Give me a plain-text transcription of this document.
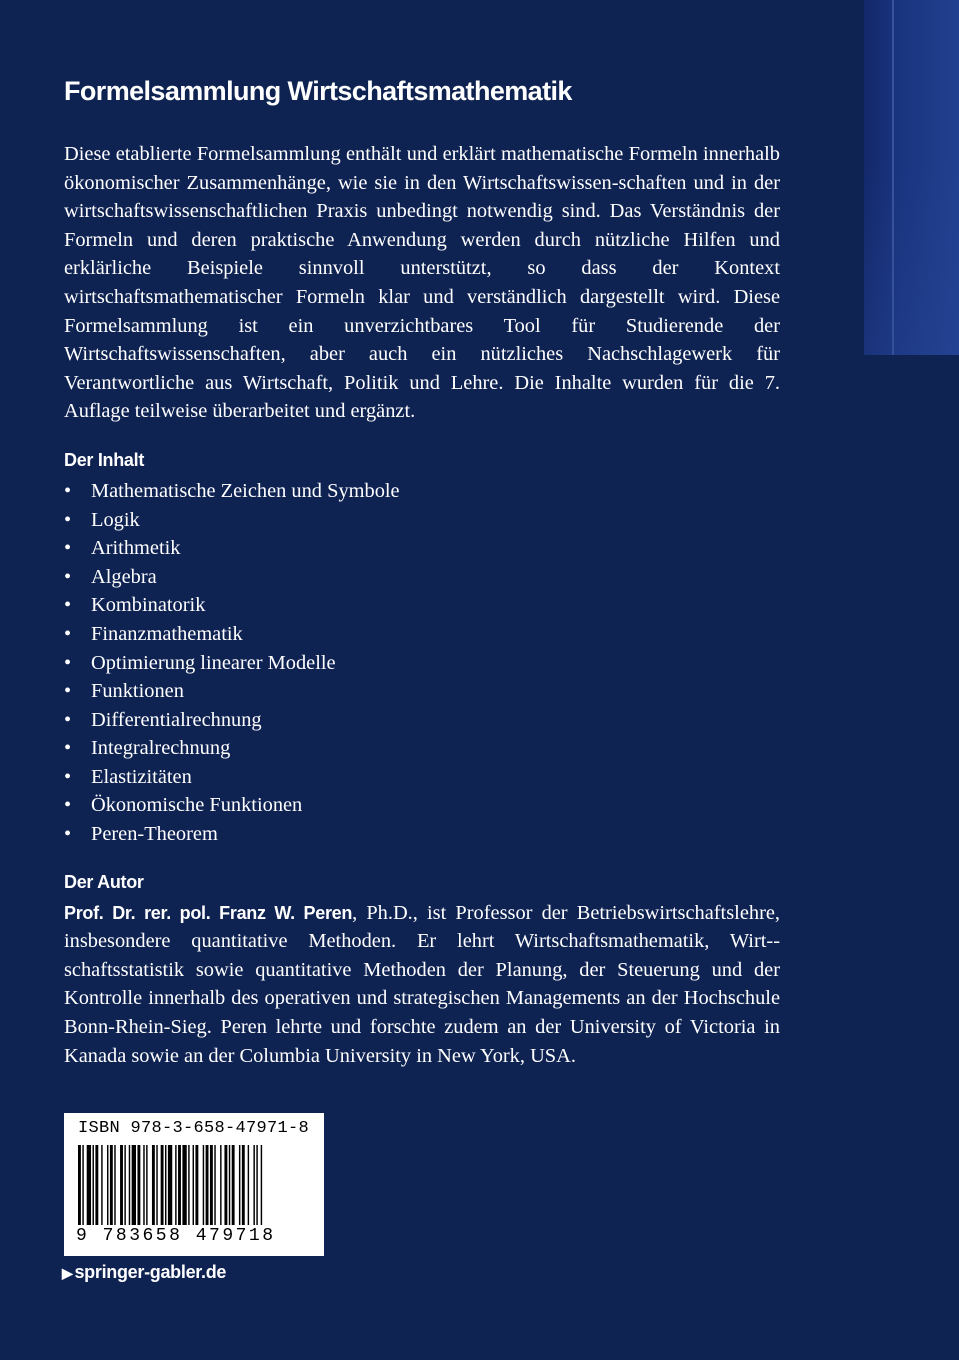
Formelsammlung Wirtschaftsmathematik

Diese etablierte Formelsammlung enthält und erklärt mathematische Formeln innerhalb ökonomischer Zusammenhänge, wie sie in den Wirtschaftswissen-schaften und in der wirtschaftswissenschaftlichen Praxis unbedingt notwendig sind. Das Verständnis der Formeln und deren praktische Anwendung werden durch nützliche Hilfen und erklärliche Beispiele sinnvoll unterstützt, so dass der Kontext wirtschaftsmathematischer Formeln klar und verständlich dargestellt wird. Diese Formelsammlung ist ein unverzichtbares Tool für Studierende der Wirtschaftswissenschaften, aber auch ein nützliches Nachschlagewerk für Verantwortliche aus Wirtschaft, Politik und Lehre. Die Inhalte wurden für die 7. Auflage teilweise überarbeitet und ergänzt.

Der Inhalt
• Mathematische Zeichen und Symbole
• Logik
• Arithmetik
• Algebra
• Kombinatorik
• Finanzmathematik
• Optimierung linearer Modelle
• Funktionen
• Differentialrechnung
• Integralrechnung
• Elastizitäten
• Ökonomische Funktionen
• Peren-Theorem
Der Autor

Prof. Dr. rer. pol. Franz W. Peren, Ph.D., ist Professor der Betriebswirtschaftslehre, insbesondere quantitative Methoden. Er lehrt Wirtschaftsmathematik, Wirt-schaftsstatistik sowie quantitative Methoden der Planung, der Steuerung und der Kontrolle innerhalb des operativen und strategischen Managements an der Hochschule Bonn-Rhein-Sieg. Peren lehrte und forschte zudem an der University of Victoria in Kanada sowie an der Columbia University in New York, USA.

ISBN 978-3-658-47971-8
9 783658 479718
▶ springer-gabler.de
